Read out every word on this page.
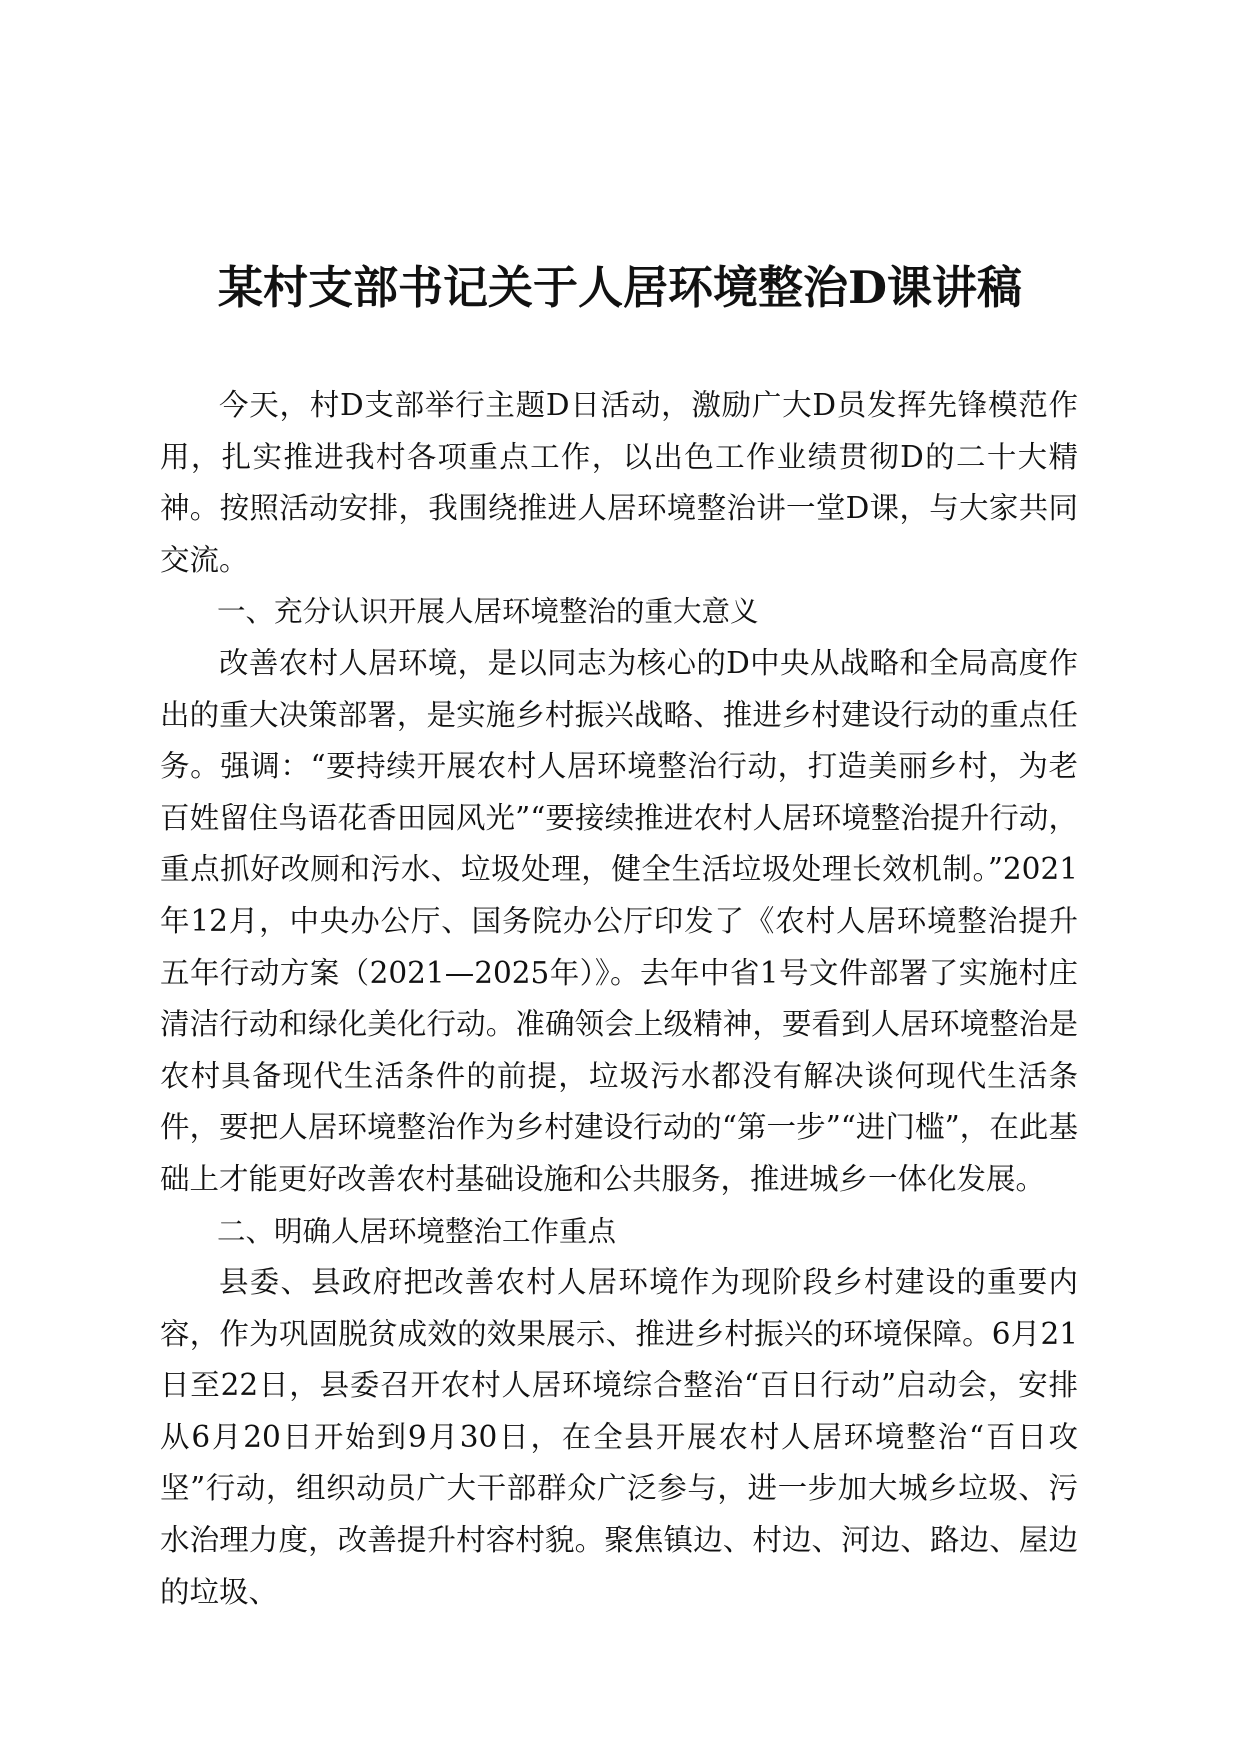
某村支部书记关于人居环境整治D课讲稿

今天，村D支部举行主题D日活动，激励广大D员发挥先锋模范作用，扎实推进我村各项重点工作，以出色工作业绩贯彻D的二十大精神。按照活动安排，我围绕推进人居环境整治讲一堂D课，与大家共同交流。

一、充分认识开展人居环境整治的重大意义

改善农村人居环境，是以同志为核心的D中央从战略和全局高度作出的重大决策部署，是实施乡村振兴战略、推进乡村建设行动的重点任务。强调：“要持续开展农村人居环境整治行动，打造美丽乡村，为老百姓留住鸟语花香田园风光”“要接续推进农村人居环境整治提升行动，重点抓好改厕和污水、垃圾处理，健全生活垃圾处理长效机制。”2021年12月，中央办公厅、国务院办公厅印发了《农村人居环境整治提升五年行动方案（2021—2025年）》。去年中省1号文件部署了实施村庄清洁行动和绿化美化行动。准确领会上级精神，要看到人居环境整治是农村具备现代生活条件的前提，垃圾污水都没有解决谈何现代生活条件，要把人居环境整治作为乡村建设行动的“第一步”“进门槛”，在此基础上才能更好改善农村基础设施和公共服务，推进城乡一体化发展。

二、明确人居环境整治工作重点

县委、县政府把改善农村人居环境作为现阶段乡村建设的重要内容，作为巩固脱贫成效的效果展示、推进乡村振兴的环境保障。6月21日至22日，县委召开农村人居环境综合整治“百日行动”启动会，安排从6月20日开始到9月30日，在全县开展农村人居环境整治“百日攻坚”行动，组织动员广大干部群众广泛参与，进一步加大城乡垃圾、污水治理力度，改善提升村容村貌。聚焦镇边、村边、河边、路边、屋边的垃圾、
